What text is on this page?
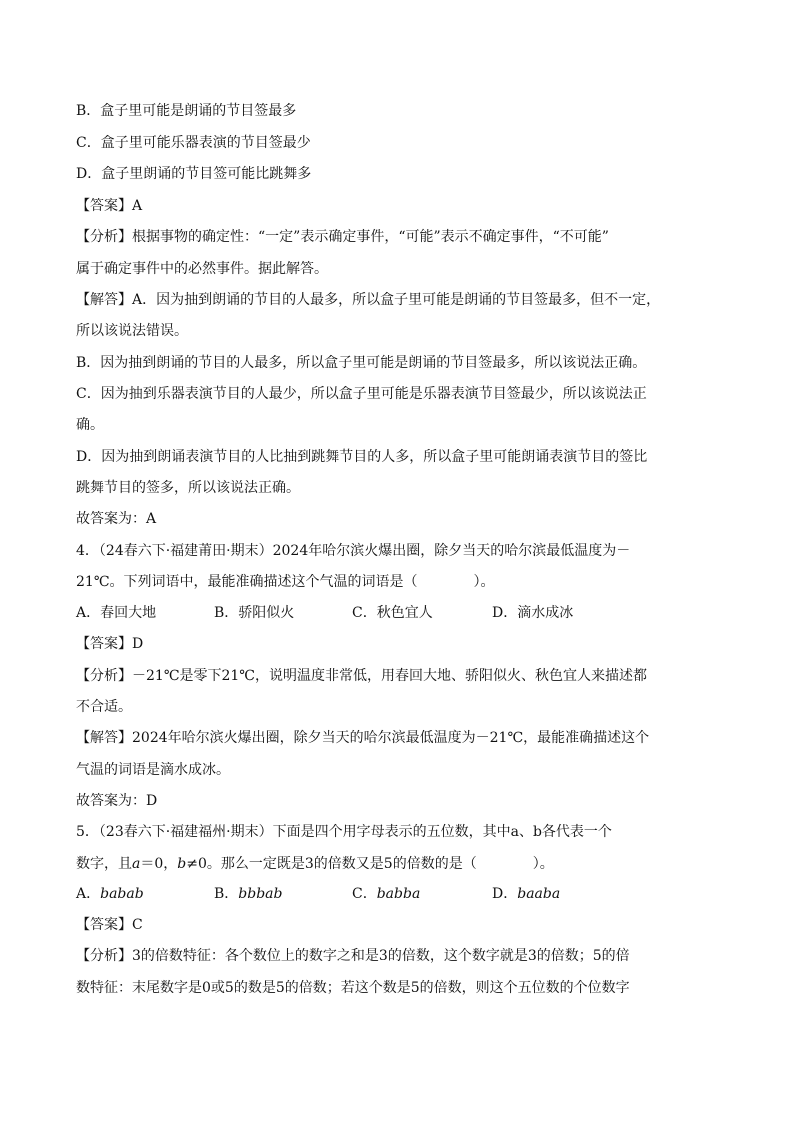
B．盒子里可能是朗诵的节目签最多
C．盒子里可能乐器表演的节目签最少
D．盒子里朗诵的节目签可能比跳舞多
【答案】A
【分析】根据事物的确定性：“一定”表示确定事件，“可能”表示不确定事件，“不可能”
属于确定事件中的必然事件。据此解答。
【解答】A．因为抽到朗诵的节目的人最多，所以盒子里可能是朗诵的节目签最多，但不一定，
所以该说法错误。
B．因为抽到朗诵的节目的人最多，所以盒子里可能是朗诵的节目签最多，所以该说法正确。
C．因为抽到乐器表演节目的人最少，所以盒子里可能是乐器表演节目签最少，所以该说法正
确。
D．因为抽到朗诵表演节目的人比抽到跳舞节目的人多，所以盒子里可能朗诵表演节目的签比
跳舞节目的签多，所以该说法正确。
故答案为：A
4．（24春六下·福建莆田·期末）2024年哈尔滨火爆出圈，除夕当天的哈尔滨最低温度为－
21℃。下列词语中，最能准确描述这个气温的词语是（　　　　）。
A．春回大地	B．骄阳似火	C．秋色宜人	D．滴水成冰
【答案】D
【分析】－21℃是零下21℃，说明温度非常低，用春回大地、骄阳似火、秋色宜人来描述都
不合适。
【解答】2024年哈尔滨火爆出圈，除夕当天的哈尔滨最低温度为－21℃，最能准确描述这个
气温的词语是滴水成冰。
故答案为：D
5．（23春六下·福建福州·期末）下面是四个用字母表示的五位数，其中a、b各代表一个
数字，且a＝0，b≠0。那么一定既是3的倍数又是5的倍数的是（　　　　）。
A．babab	B．bbbab	C．babba	D．baaba
【答案】C
【分析】3的倍数特征：各个数位上的数字之和是3的倍数，这个数字就是3的倍数；5的倍
数特征：末尾数字是0或5的数是5的倍数；若这个数是5的倍数，则这个五位数的个位数字
